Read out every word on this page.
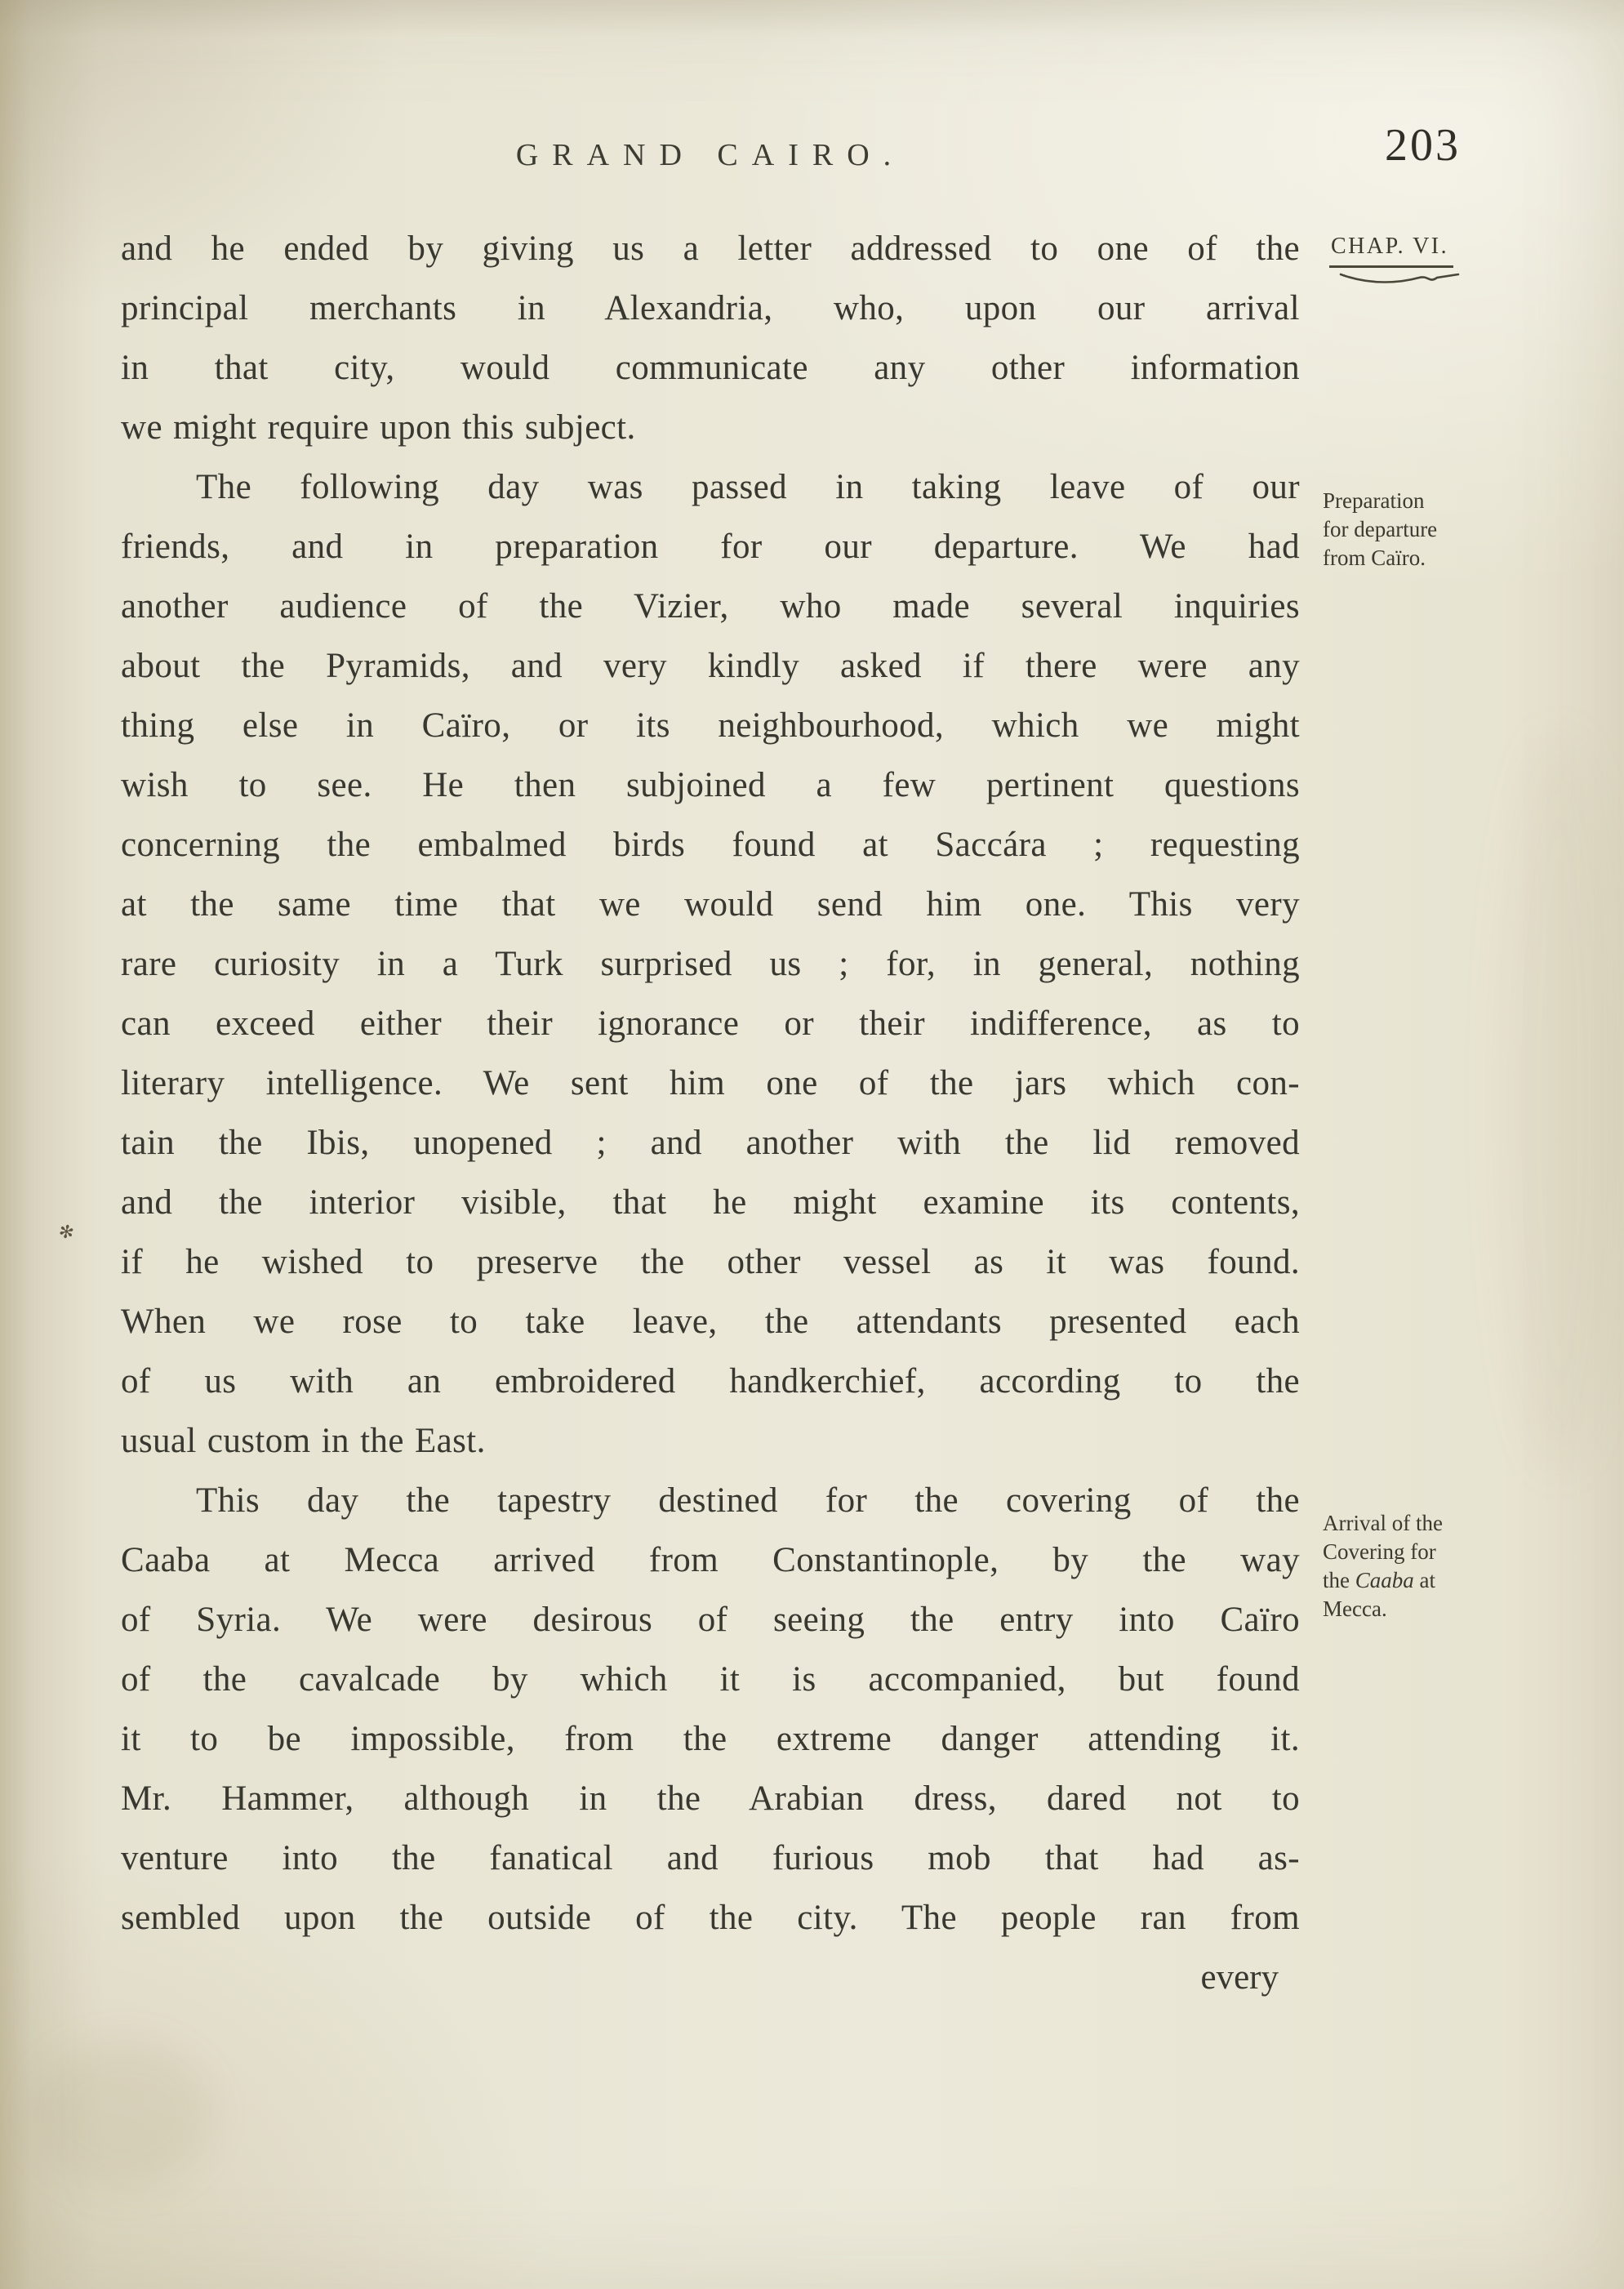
GRAND CAIRO.	203
CHAP. VI.
and he ended by giving us a letter addressed to one of the
principal merchants in Alexandria, who, upon our arrival
in that city, would communicate any other information
we might require upon this subject.
The following day was passed in taking leave of our
friends, and in preparation for our departure. We had
another audience of the Vizier, who made several inquiries
about the Pyramids, and very kindly asked if there were any
thing else in Caïro, or its neighbourhood, which we might
wish to see. He then subjoined a few pertinent questions
concerning the embalmed birds found at Saccára ; requesting
at the same time that we would send him one. This very
rare curiosity in a Turk surprised us ; for, in general, nothing
can exceed either their ignorance or their indifference, as to
literary intelligence. We sent him one of the jars which con-
tain the Ibis, unopened ; and another with the lid removed
and the interior visible, that he might examine its contents,
if he wished to preserve the other vessel as it was found.
When we rose to take leave, the attendants presented each
of us with an embroidered handkerchief, according to the
usual custom in the East.
This day the tapestry destined for the covering of the
Caaba at Mecca arrived from Constantinople, by the way
of Syria. We were desirous of seeing the entry into Caïro
of the cavalcade by which it is accompanied, but found
it to be impossible, from the extreme danger attending it.
Mr. Hammer, although in the Arabian dress, dared not to
venture into the fanatical and furious mob that had as-
sembled upon the outside of the city. The people ran from
every
Preparation
for departure
from Caïro.
Arrival of the
Covering for
the Caaba at
Mecca.
✻
